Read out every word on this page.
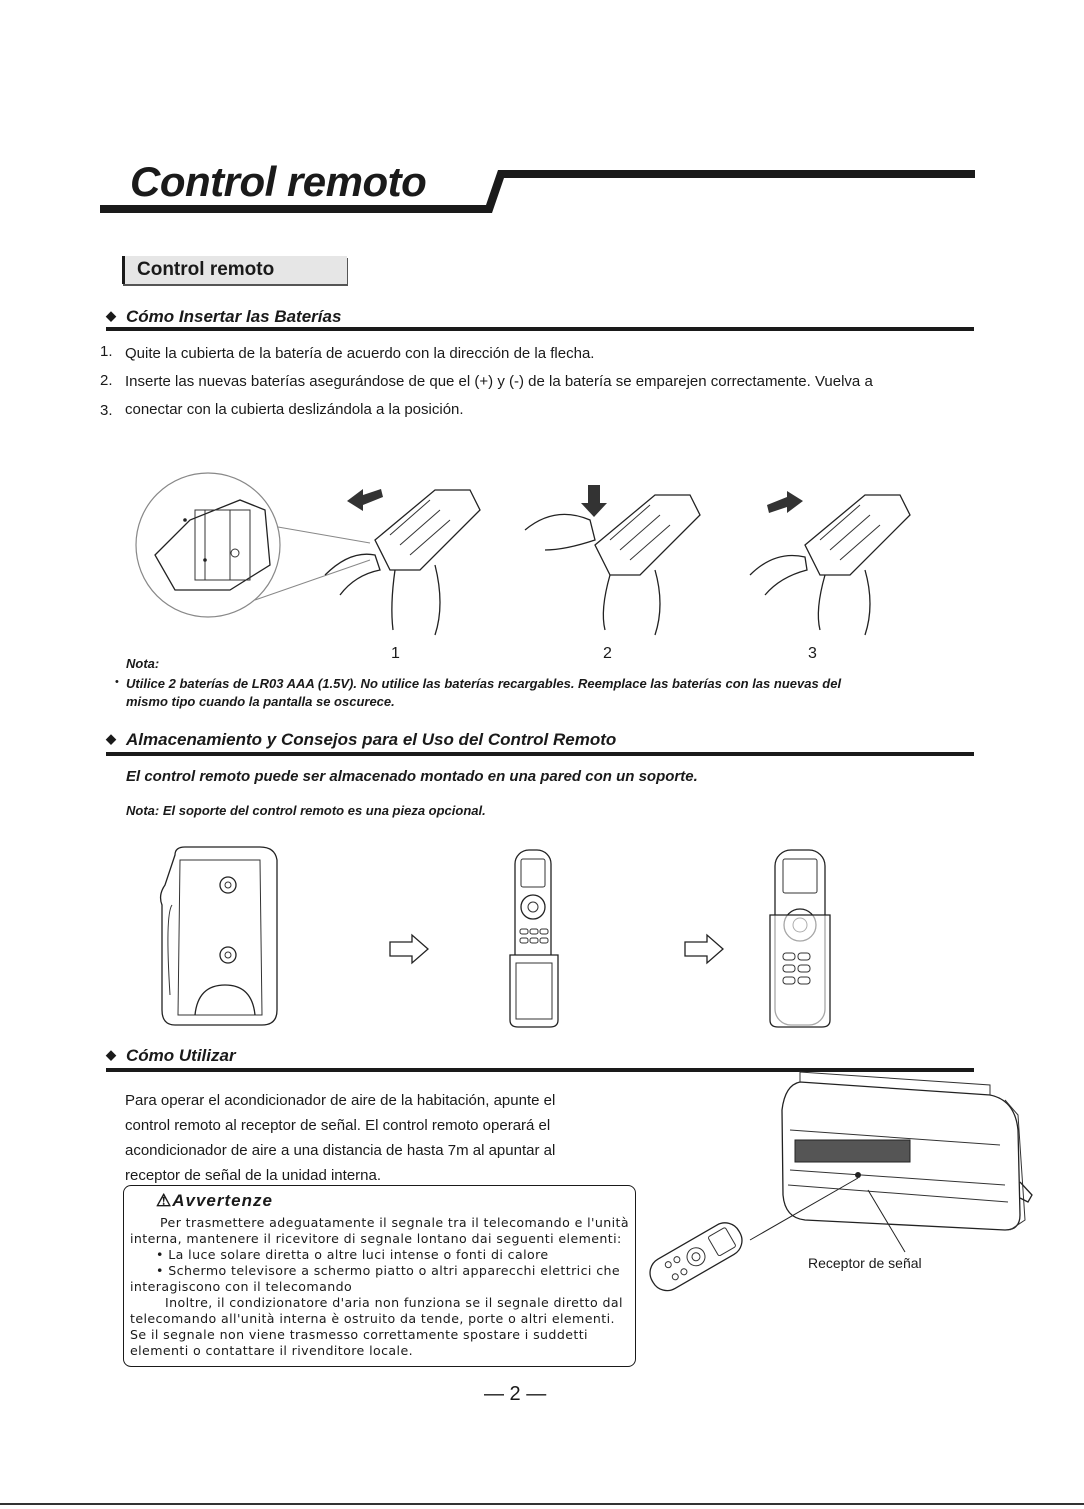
Control remoto
Control remoto
◆ Cómo Insertar las Baterías
1. Quite la cubierta de la batería de acuerdo con la dirección de la flecha.
2. Inserte las nuevas baterías asegurándose de que el (+) y (-) de la batería se emparejen correctamente. Vuelva a
3. conectar con la cubierta deslizándola a la posición.
1	2	3
Nota:
• Utilice 2 baterías de LR03 AAA (1.5V). No utilice las baterías recargables. Reemplace las baterías con las nuevas del
mismo tipo cuando la pantalla se oscurece.
◆ Almacenamiento y Consejos para el Uso del Control Remoto
El control remoto puede ser almacenado montado en una pared con un soporte.
Nota: El soporte del control remoto es una pieza opcional.
◆ Cómo Utilizar
Para operar el acondicionador de aire de la habitación, apunte el
control remoto al receptor de señal. El control remoto operará el
acondicionador de aire a una distancia de hasta 7m al apuntar al
receptor de señal de la unidad interna.
⚠Avvertenze
Per trasmettere adeguatamente il segnale tra il telecomando e l'unità
interna, mantenere il ricevitore di segnale lontano dai seguenti elementi:
• La luce solare diretta o altre luci intense o fonti di calore
• Schermo televisore a schermo piatto o altri apparecchi elettrici che
interagiscono con il telecomando
Inoltre, il condizionatore d'aria non funziona se il segnale diretto dal
telecomando all'unità interna è ostruito da tende, porte o altri elementi.
Se il segnale non viene trasmesso correttamente spostare i suddetti
elementi o contattare il rivenditore locale.
Receptor de señal
— 2 —
